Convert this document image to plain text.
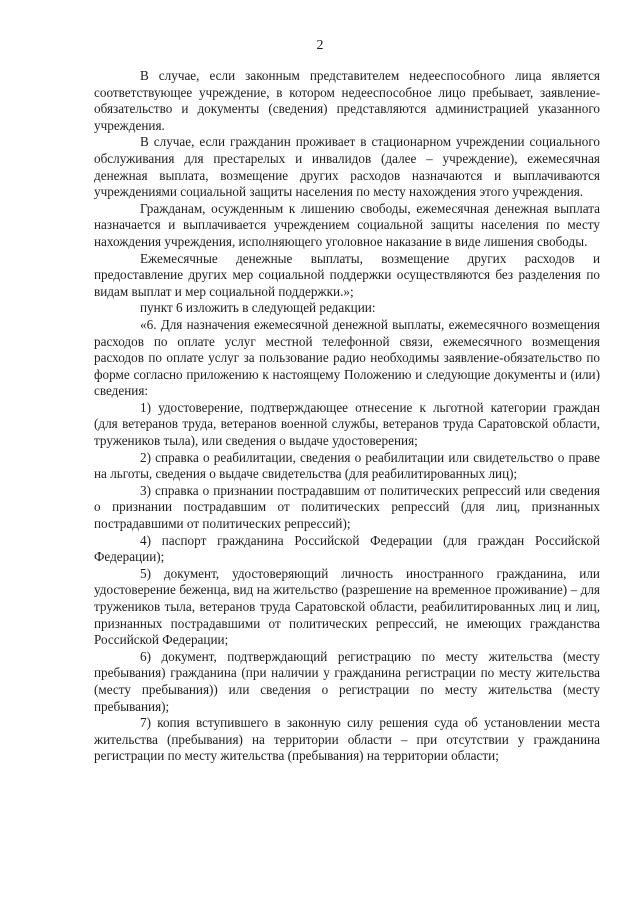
2

В случае, если законным представителем недееспособного лица является соответствующее учреждение, в котором недееспособное лицо пребывает, заявление-обязательство и документы (сведения) представляются администрацией указанного учреждения.

В случае, если гражданин проживает в стационарном учреждении социального обслуживания для престарелых и инвалидов (далее – учреждение), ежемесячная денежная выплата, возмещение других расходов назначаются и выплачиваются учреждениями социальной защиты населения по месту нахождения этого учреждения.

Гражданам, осужденным к лишению свободы, ежемесячная денежная выплата назначается и выплачивается учреждением социальной защиты населения по месту нахождения учреждения, исполняющего уголовное наказание в виде лишения свободы.

Ежемесячные денежные выплаты, возмещение других расходов и предоставление других мер социальной поддержки осуществляются без разделения по видам выплат и мер социальной поддержки.»;

пункт 6 изложить в следующей редакции:

«6. Для назначения ежемесячной денежной выплаты, ежемесячного возмещения расходов по оплате услуг местной телефонной связи, ежемесячного возмещения расходов по оплате услуг за пользование радио необходимы заявление-обязательство по форме согласно приложению к настоящему Положению и следующие документы и (или) сведения:

1) удостоверение, подтверждающее отнесение к льготной категории граждан (для ветеранов труда, ветеранов военной службы, ветеранов труда Саратовской области, тружеников тыла), или сведения о выдаче удостоверения;

2) справка о реабилитации, сведения о реабилитации или свидетельство о праве на льготы, сведения о выдаче свидетельства (для реабилитированных лиц);

3) справка о признании пострадавшим от политических репрессий или сведения о признании пострадавшим от политических репрессий (для лиц, признанных пострадавшими от политических репрессий);

4) паспорт гражданина Российской Федерации (для граждан Российской Федерации);

5) документ, удостоверяющий личность иностранного гражданина, или удостоверение беженца, вид на жительство (разрешение на временное проживание) – для тружеников тыла, ветеранов труда Саратовской области, реабилитированных лиц и лиц, признанных пострадавшими от политических репрессий, не имеющих гражданства Российской Федерации;

6) документ, подтверждающий регистрацию по месту жительства (месту пребывания) гражданина (при наличии у гражданина регистрации по месту жительства (месту пребывания)) или сведения о регистрации по месту жительства (месту пребывания);

7) копия вступившего в законную силу решения суда об установлении места жительства (пребывания) на территории области – при отсутствии у гражданина регистрации по месту жительства (пребывания) на территории области;
